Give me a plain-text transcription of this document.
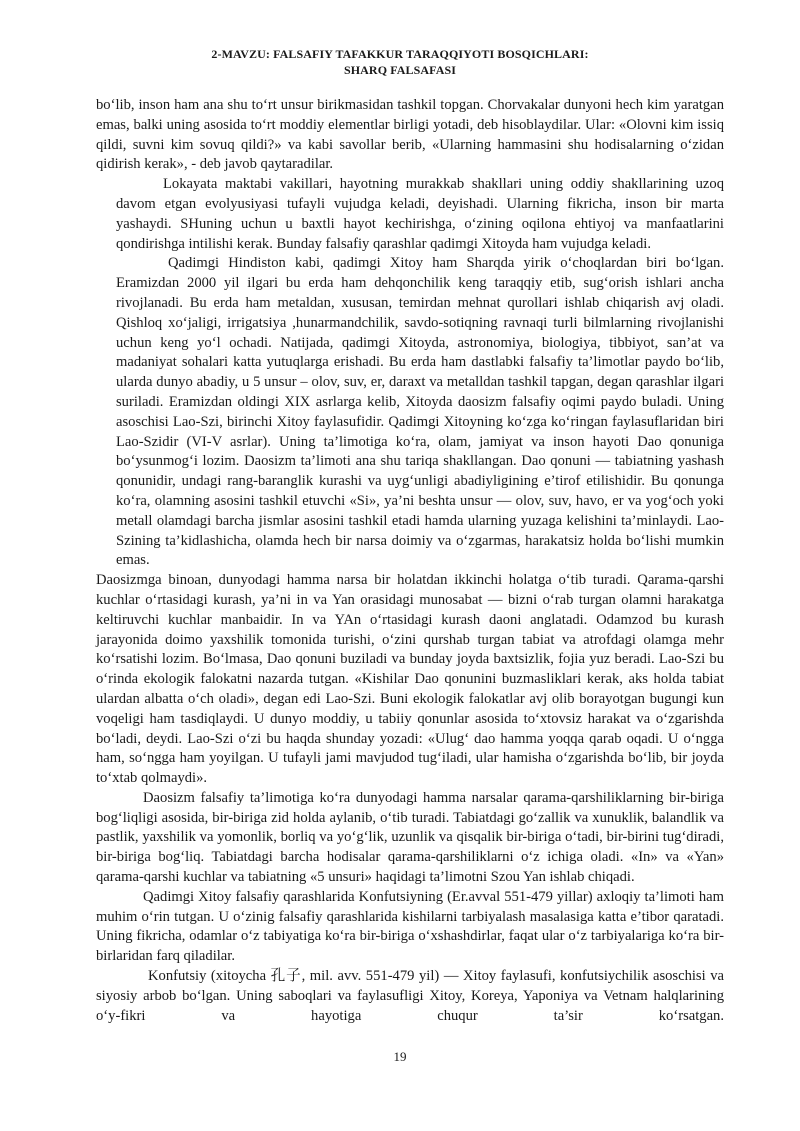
2-MAVZU: FALSAFIY TAFAKKUR TARAQQIYOTI BOSQICHLARI:
SHARQ FALSAFASI

bo‘lib, inson ham ana shu to‘rt unsur birikmasidan tashkil topgan. Chorvakalar dunyoni hech kim yaratgan emas, balki uning asosida to‘rt moddiy elementlar birligi yotadi, deb hisoblaydilar. Ular: «Olovni kim issiq qildi, suvni kim sovuq qildi?» va kabi savollar berib, «Ularning hammasini shu hodisalarning o‘zidan qidirish kerak», - deb javob qaytaradilar.

Lokayata maktabi vakillari, hayotning murakkab shakllari uning oddiy shakllarining uzoq davom etgan evolyusiyasi tufayli vujudga keladi, deyishadi. Ularning fikricha, inson bir marta yashaydi. SHuning uchun u baxtli hayot kechirishga, o‘zining oqilona ehtiyoj va manfaatlarini qondirishga intilishi kerak. Bunday falsafiy qarashlar qadimgi Xitoyda ham vujudga keladi.

Qadimgi Hindiston kabi, qadimgi Xitoy ham Sharqda yirik o‘choqlardan biri bo‘lgan. Eramizdan 2000 yil ilgari bu erda ham dehqonchilik keng taraqqiy etib, sug‘orish ishlari ancha rivojlanadi. Bu erda ham metaldan, xususan, temirdan mehnat qurollari ishlab chiqarish avj oladi. Qishloq xo‘jaligi, irrigatsiya ,hunarmandchilik, savdo-sotiqning ravnaqi turli bilmlarning rivojlanishi uchun keng yo‘l ochadi. Natijada, qadimgi Xitoyda, astronomiya, biologiya, tibbiyot, san’at va madaniyat sohalari katta yutuqlarga erishadi. Bu erda ham dastlabki falsafiy ta’limotlar paydo bo‘lib, ularda dunyo abadiy, u 5 unsur – olov, suv, er, daraxt va metalldan tashkil tapgan, degan qarashlar ilgari suriladi. Eramizdan oldingi XIX asrlarga kelib, Xitoyda daosizm falsafiy oqimi paydo buladi. Uning asoschisi Lao-Szi, birinchi Xitoy faylasufidir. Qadimgi Xitoyning ko‘zga ko‘ringan faylasuflaridan biri Lao-Szidir (VI-V asrlar). Uning ta’limotiga ko‘ra, olam, jamiyat va inson hayoti Dao qonuniga bo‘ysunmog‘i lozim. Daosizm ta’limoti ana shu tariqa shakllangan. Dao qonuni — tabiatning yashash qonunidir, undagi rang-baranglik kurashi va uyg‘unligi abadiyligining e’tirof etilishidir. Bu qonunga ko‘ra, olamning asosini tashkil etuvchi «Si», ya’ni beshta unsur — olov, suv, havo, er va yog‘och yoki metall olamdagi barcha jismlar asosini tashkil etadi hamda ularning yuzaga kelishini ta’minlaydi. Lao-Szining ta’kidlashicha, olamda hech bir narsa doimiy va o‘zgarmas, harakatsiz holda bo‘lishi mumkin emas.

Daosizmga binoan, dunyodagi hamma narsa bir holatdan ikkinchi holatga o‘tib turadi. Qarama-qarshi kuchlar o‘rtasidagi kurash, ya’ni in va Yan orasidagi munosabat — bizni o‘rab turgan olamni harakatga keltiruvchi kuchlar manbaidir. In va YAn o‘rtasidagi kurash daoni anglatadi. Odamzod bu kurash jarayonida doimo yaxshilik tomonida turishi, o‘zini qurshab turgan tabiat va atrofdagi olamga mehr ko‘rsatishi lozim. Bo‘lmasa, Dao qonuni buziladi va bunday joyda baxtsizlik, fojia yuz beradi. Lao-Szi bu o‘rinda ekologik falokatni nazarda tutgan. «Kishilar Dao qonunini buzmasliklari kerak, aks holda tabiat ulardan albatta o‘ch oladi», degan edi Lao-Szi. Buni ekologik falokatlar avj olib borayotgan bugungi kun voqeligi ham tasdiqlaydi. U dunyo moddiy, u tabiiy qonunlar asosida to‘xtovsiz harakat va o‘zgarishda bo‘ladi, deydi. Lao-Szi o‘zi bu haqda shunday yozadi: «Ulug‘ dao hamma yoqqa qarab oqadi. U o‘ngga ham, so‘ngga ham yoyilgan. U tufayli jami mavjudod tug‘iladi, ular hamisha o‘zgarishda bo‘lib, bir joyda to‘xtab qolmaydi».

Daosizm falsafiy ta’limotiga ko‘ra dunyodagi hamma narsalar qarama-qarshiliklarning bir-biriga bog‘liqligi asosida, bir-biriga zid holda aylanib, o‘tib turadi. Tabiatdagi go‘zallik va xunuklik, balandlik va pastlik, yaxshilik va yomonlik, borliq va yo‘g‘lik, uzunlik va qisqalik bir-biriga o‘tadi, bir-birini tug‘diradi, bir-biriga bog‘liq. Tabiatdagi barcha hodisalar qarama-qarshiliklarni o‘z ichiga oladi. «In» va «Yan» qarama-qarshi kuchlar va tabiatning «5 unsuri» haqidagi ta’limotni Szou Yan ishlab chiqadi.

Qadimgi Xitoy falsafiy qarashlarida Konfutsiyning (Er.avval 551-479 yillar) axloqiy ta’limoti ham muhim o‘rin tutgan. U o‘zinig falsafiy qarashlarida kishilarni tarbiyalash masalasiga katta e’tibor qaratadi. Uning fikricha, odamlar o‘z tabiyatiga ko‘ra bir-biriga o‘xshashdirlar, faqat ular o‘z tarbiyalariga ko‘ra bir-birlaridan farq qiladilar.

Konfutsiy (xitoycha 孔子, mil. avv. 551-479 yil) — Xitoy faylasufi, konfutsiychilik asoschisi va siyosiy arbob bo‘lgan. Uning saboqlari va faylasufligi Xitoy, Koreya, Yaponiya va Vetnam halqlarining o‘y-fikri va hayotiga chuqur ta’sir ko‘rsatgan.

19
